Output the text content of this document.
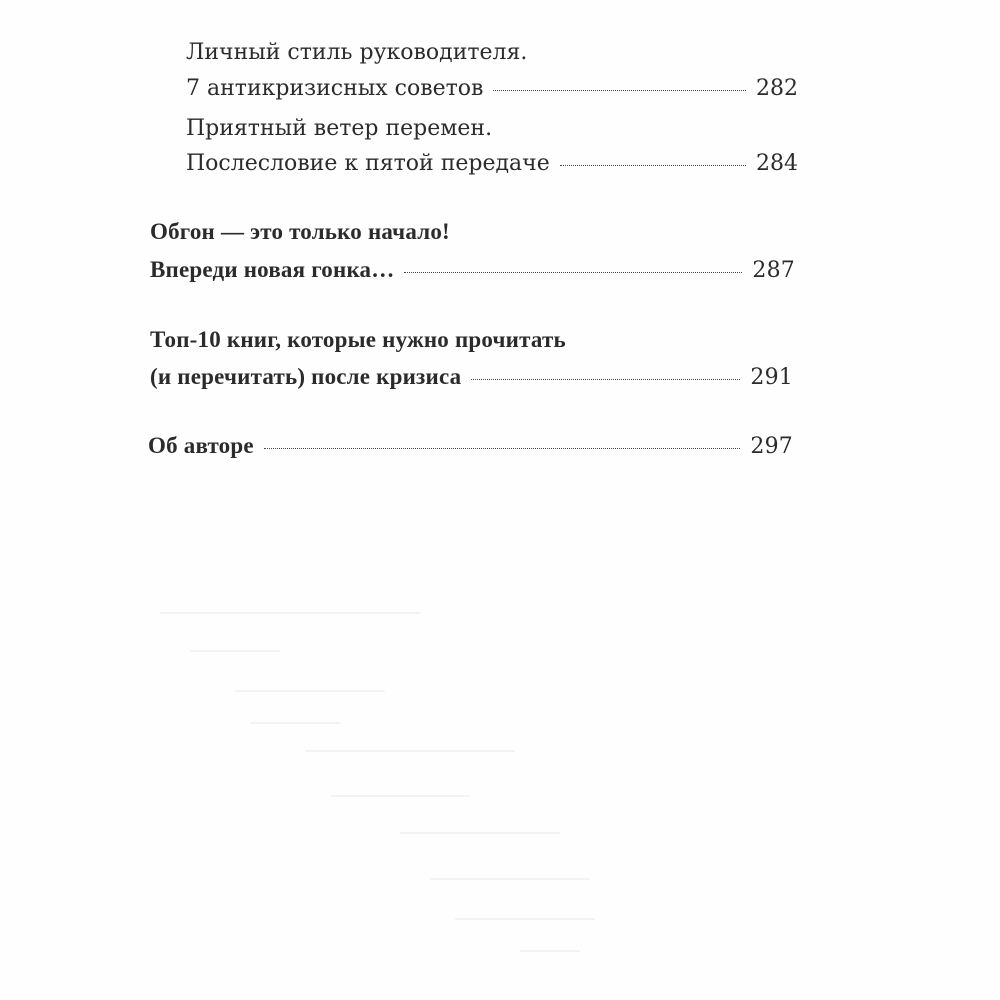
Личный стиль руководителя.
7 антикризисных советов	282
Приятный ветер перемен.
Послесловие к пятой передаче	284
Обгон — это только начало!
Впереди новая гонка…	287
Топ-10 книг, которые нужно прочитать
(и перечитать) после кризиса	291
Об авторе	297
